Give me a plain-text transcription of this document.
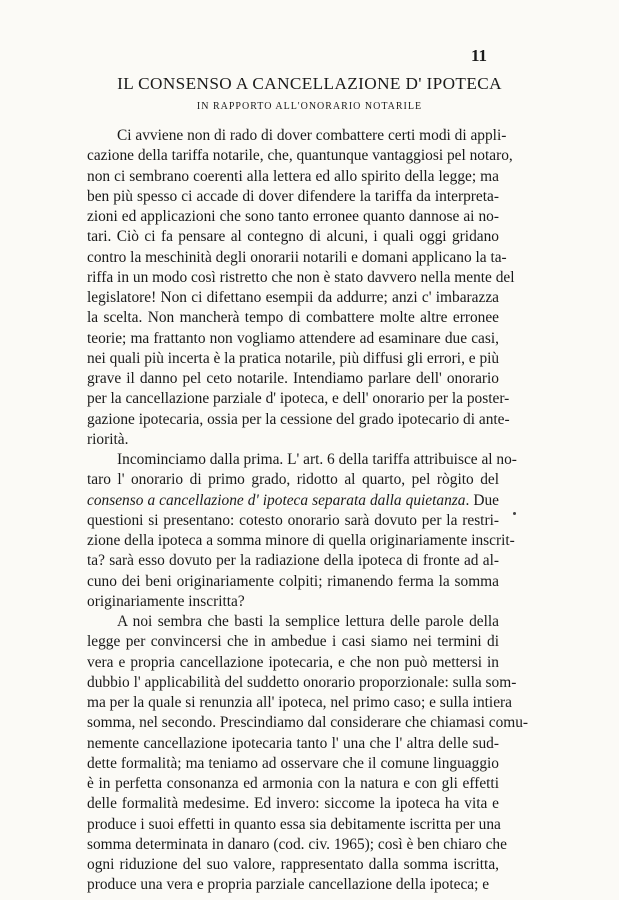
11
IL CONSENSO A CANCELLAZIONE D' IPOTECA
IN RAPPORTO ALL'ONORARIO NOTARILE
Ci avviene non di rado di dover combattere certi modi di appli-
cazione della tariffa notarile, che, quantunque vantaggiosi pel notaro,
non ci sembrano coerenti alla lettera ed allo spirito della legge; ma
ben più spesso ci accade di dover difendere la tariffa da interpreta-
zioni ed applicazioni che sono tanto erronee quanto dannose ai no-
tari. Ciò ci fa pensare al contegno di alcuni, i quali oggi gridano
contro la meschinità degli onorarii notarili e domani applicano la ta-
riffa in un modo così ristretto che non è stato davvero nella mente del
legislatore! Non ci difettano esempii da addurre; anzi c' imbarazza
la scelta. Non mancherà tempo di combattere molte altre erronee
teorie; ma frattanto non vogliamo attendere ad esaminare due casi,
nei quali più incerta è la pratica notarile, più diffusi gli errori, e più
grave il danno pel ceto notarile. Intendiamo parlare dell' onorario
per la cancellazione parziale d' ipoteca, e dell' onorario per la poster-
gazione ipotecaria, ossia per la cessione del grado ipotecario di ante-
riorità.
Incominciamo dalla prima. L' art. 6 della tariffa attribuisce al no-
taro l' onorario di primo grado, ridotto al quarto, pel rògito del
consenso a cancellazione d' ipoteca separata dalla quietanza. Due
questioni si presentano: cotesto onorario sarà dovuto per la restri-
zione della ipoteca a somma minore di quella originariamente inscrit-
ta? sarà esso dovuto per la radiazione della ipoteca di fronte ad al-
cuno dei beni originariamente colpiti; rimanendo ferma la somma
originariamente inscritta?
A noi sembra che basti la semplice lettura delle parole della
legge per convincersi che in ambedue i casi siamo nei termini di
vera e propria cancellazione ipotecaria, e che non può mettersi in
dubbio l' applicabilità del suddetto onorario proporzionale: sulla som-
ma per la quale si renunzia all' ipoteca, nel primo caso; e sulla intiera
somma, nel secondo. Prescindiamo dal considerare che chiamasi comu-
nemente cancellazione ipotecaria tanto l' una che l' altra delle sud-
dette formalità; ma teniamo ad osservare che il comune linguaggio
è in perfetta consonanza ed armonia con la natura e con gli effetti
delle formalità medesime. Ed invero: siccome la ipoteca ha vita e
produce i suoi effetti in quanto essa sia debitamente iscritta per una
somma determinata in danaro (cod. civ. 1965); così è ben chiaro che
ogni riduzione del suo valore, rappresentato dalla somma iscritta,
produce una vera e propria parziale cancellazione della ipoteca; e
